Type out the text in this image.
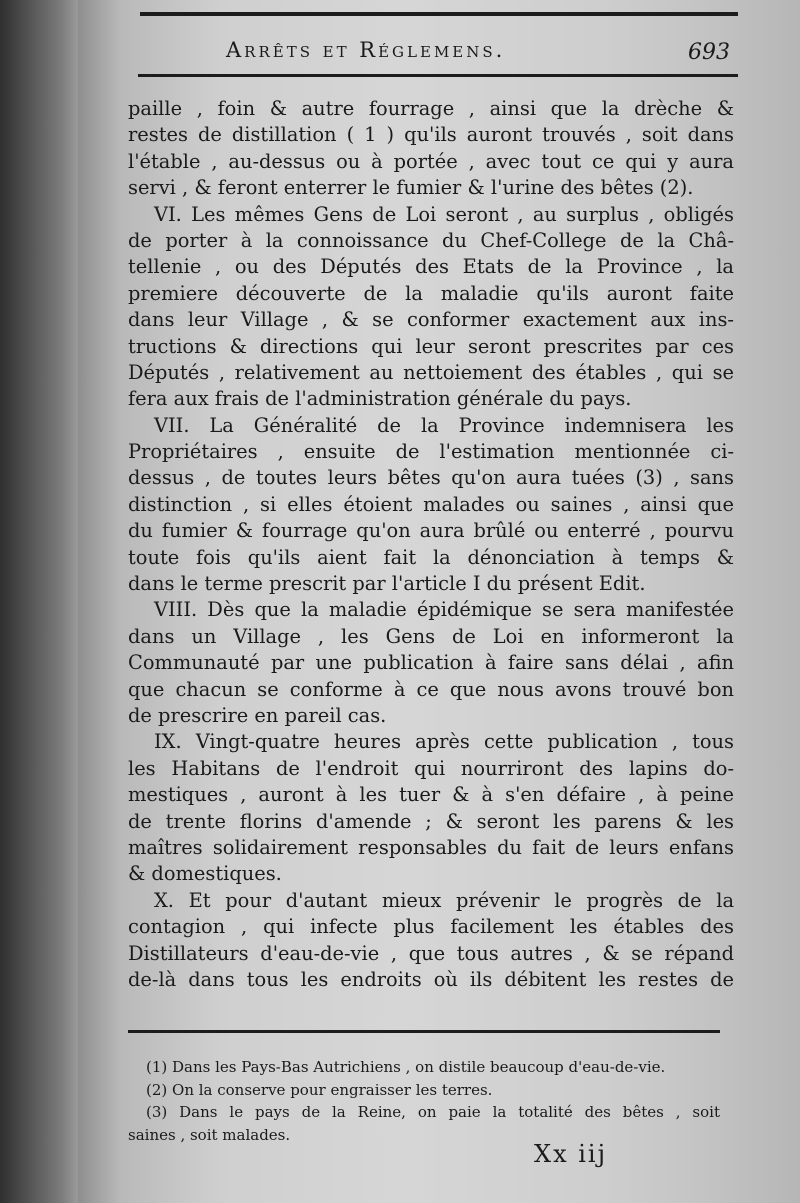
Arrêts et Réglemens.	693
paille , foin & autre fourrage , ainsi que la drèche &
restes de distillation ( 1 ) qu'ils auront trouvés , soit dans
l'étable , au-dessus ou à portée , avec tout ce qui y aura
servi , & feront enterrer le fumier & l'urine des bêtes (2).
VI. Les mêmes Gens de Loi seront , au surplus , obligés
de porter à la connoissance du Chef-College de la Châ-
tellenie , ou des Députés des Etats de la Province , la
premiere découverte de la maladie qu'ils auront faite
dans leur Village , & se conformer exactement aux ins-
tructions & directions qui leur seront prescrites par ces
Députés , relativement au nettoiement des étables , qui se
fera aux frais de l'administration générale du pays.
VII. La Généralité de la Province indemnisera les
Propriétaires , ensuite de l'estimation mentionnée ci-
dessus , de toutes leurs bêtes qu'on aura tuées (3) , sans
distinction , si elles étoient malades ou saines , ainsi que
du fumier & fourrage qu'on aura brûlé ou enterré , pourvu
toute fois qu'ils aient fait la dénonciation à temps &
dans le terme prescrit par l'article I du présent Edit.
VIII. Dès que la maladie épidémique se sera manifestée
dans un Village , les Gens de Loi en informeront la
Communauté par une publication à faire sans délai , afin
que chacun se conforme à ce que nous avons trouvé bon
de prescrire en pareil cas.
IX. Vingt-quatre heures après cette publication , tous
les Habitans de l'endroit qui nourriront des lapins do-
mestiques , auront à les tuer & à s'en défaire , à peine
de trente florins d'amende ; & seront les parens & les
maîtres solidairement responsables du fait de leurs enfans
& domestiques.
X. Et pour d'autant mieux prévenir le progrès de la
contagion , qui infecte plus facilement les étables des
Distillateurs d'eau-de-vie , que tous autres , & se répand
de-là dans tous les endroits où ils débitent les restes de
(1) Dans les Pays-Bas Autrichiens , on distile beaucoup d'eau-de-vie.
(2) On la conserve pour engraisser les terres.
(3) Dans le pays de la Reine, on paie la totalité des bêtes , soit
saines , soit malades.
Xx iij
